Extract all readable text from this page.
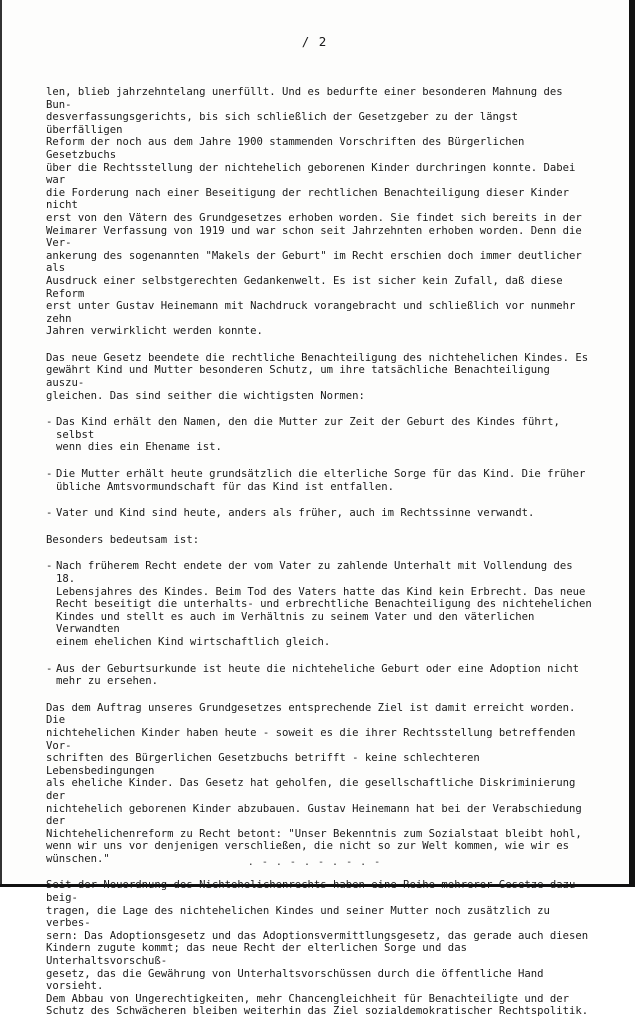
/ 2

len, blieb jahrzehntelang unerfüllt. Und es bedurfte einer besonderen Mahnung des Bun-
desverfassungsgerichts, bis sich schließlich der Gesetzgeber zu der längst überfälligen
Reform der noch aus dem Jahre 1900 stammenden Vorschriften des Bürgerlichen Gesetzbuchs
über die Rechtsstellung der nichtehelich geborenen Kinder durchringen konnte. Dabei war
die Forderung nach einer Beseitigung der rechtlichen Benachteiligung dieser Kinder nicht
erst von den Vätern des Grundgesetzes erhoben worden. Sie findet sich bereits in der
Weimarer Verfassung von 1919 und war schon seit Jahrzehnten erhoben worden. Denn die Ver-
ankerung des sogenannten "Makels der Geburt" im Recht erschien doch immer deutlicher als
Ausdruck einer selbstgerechten Gedankenwelt. Es ist sicher kein Zufall, daß diese Reform
erst unter Gustav Heinemann mit Nachdruck vorangebracht und schließlich vor nunmehr zehn
Jahren verwirklicht werden konnte.

Das neue Gesetz beendete die rechtliche Benachteiligung des nichtehelichen Kindes. Es
gewährt Kind und Mutter besonderen Schutz, um ihre tatsächliche Benachteiligung auszu-
gleichen. Das sind seither die wichtigsten Normen:

- Das Kind erhält den Namen, den die Mutter zur Zeit der Geburt des Kindes führt, selbst
wenn dies ein Ehename ist.
- Die Mutter erhält heute grundsätzlich die elterliche Sorge für das Kind. Die früher
übliche Amtsvormundschaft für das Kind ist entfallen.
- Vater und Kind sind heute, anders als früher, auch im Rechtssinne verwandt.

Besonders bedeutsam ist:

- Nach früherem Recht endete der vom Vater zu zahlende Unterhalt mit Vollendung des 18.
Lebensjahres des Kindes. Beim Tod des Vaters hatte das Kind kein Erbrecht. Das neue
Recht beseitigt die unterhalts- und erbrechtliche Benachteiligung des nichtehelichen
Kindes und stellt es auch im Verhältnis zu seinem Vater und den väterlichen Verwandten
einem ehelichen Kind wirtschaftlich gleich.
- Aus der Geburtsurkunde ist heute die nichteheliche Geburt oder eine Adoption nicht
mehr zu ersehen.

Das dem Auftrag unseres Grundgesetzes entsprechende Ziel ist damit erreicht worden. Die
nichtehelichen Kinder haben heute - soweit es die ihrer Rechtsstellung betreffenden Vor-
schriften des Bürgerlichen Gesetzbuchs betrifft - keine schlechteren Lebensbedingungen
als eheliche Kinder. Das Gesetz hat geholfen, die gesellschaftliche Diskriminierung der
nichtehelich geborenen Kinder abzubauen. Gustav Heinemann hat bei der Verabschiedung der
Nichtehelichenreform zu Recht betont: "Unser Bekenntnis zum Sozialstaat bleibt hohl,
wenn wir uns vor denjenigen verschließen, die nicht so zur Welt kommen, wie wir es
wünschen."

Seit der Neuordnung des Nichtehelichenrechts haben eine Reihe mehrerer Gesetze dazu beig-
tragen, die Lage des nichtehelichen Kindes und seiner Mutter noch zusätzlich zu verbes-
sern: Das Adoptionsgesetz und das Adoptionsvermittlungsgesetz, das gerade auch diesen
Kindern zugute kommt; das neue Recht der elterlichen Sorge und das Unterhaltsvorschuß-
gesetz, das die Gewährung von Unterhaltsvorschüssen durch die öffentliche Hand vorsieht.
Dem Abbau von Ungerechtigkeiten, mehr Chancengleichheit für Benachteiligte und der
Schutz des Schwächeren bleiben weiterhin das Ziel sozialdemokratischer Rechtspolitik.

. - . - . - . - . -
